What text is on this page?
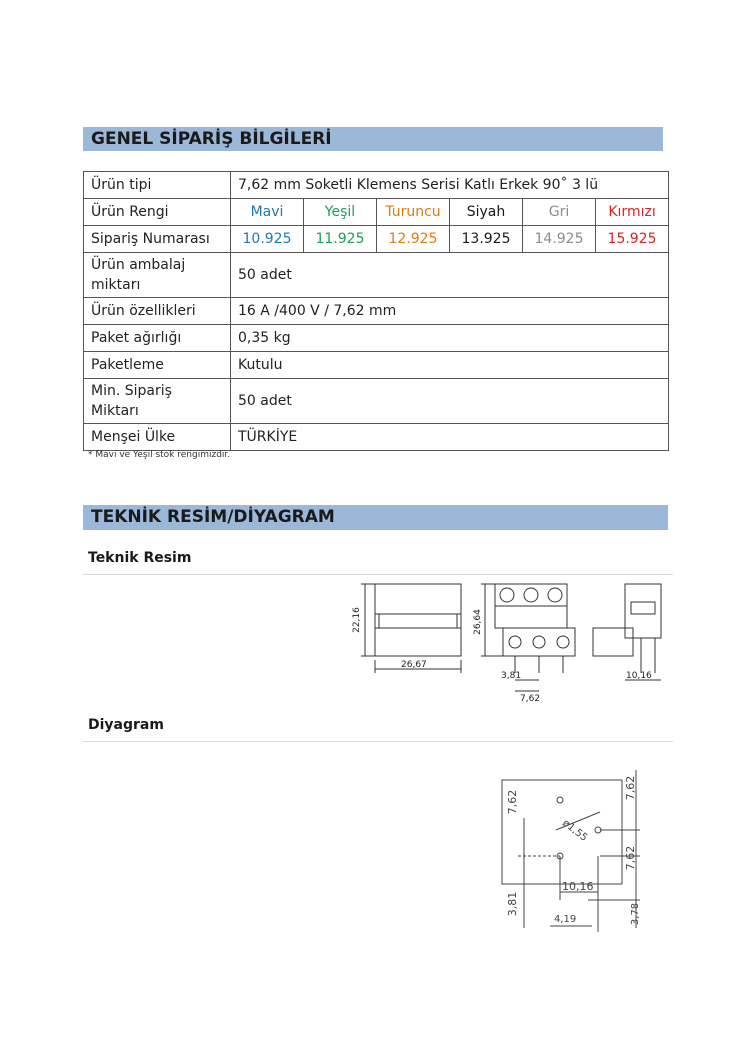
GENEL SİPARİŞ BİLGİLERİ
Ürün tipi	7,62 mm Soketli Klemens Serisi Katlı Erkek 90˚ 3 lü					
Ürün Rengi	Mavi	Yeşil	Turuncu	Siyah	Gri	Kırmızı
Sipariş Numarası	10.925	11.925	12.925	13.925	14.925	15.925
Ürün ambalaj miktarı	50 adet					
Ürün özellikleri	16 A /400 V / 7,62 mm					
Paket ağırlığı	0,35 kg					
Paketleme	Kutulu					
Min. Sipariş Miktarı	50 adet					
Menşei Ülke	TÜRKİYE					
* Mavi ve Yeşil stok rengimizdir.
TEKNİK RESİM/DİYAGRAM
Teknik Resim
22,16
26,67
26,64
3,81
7,62
10,16
Diyagram
7,62
7,62
ø1,55
7,62
10,16
3,81
4,19	3,78
